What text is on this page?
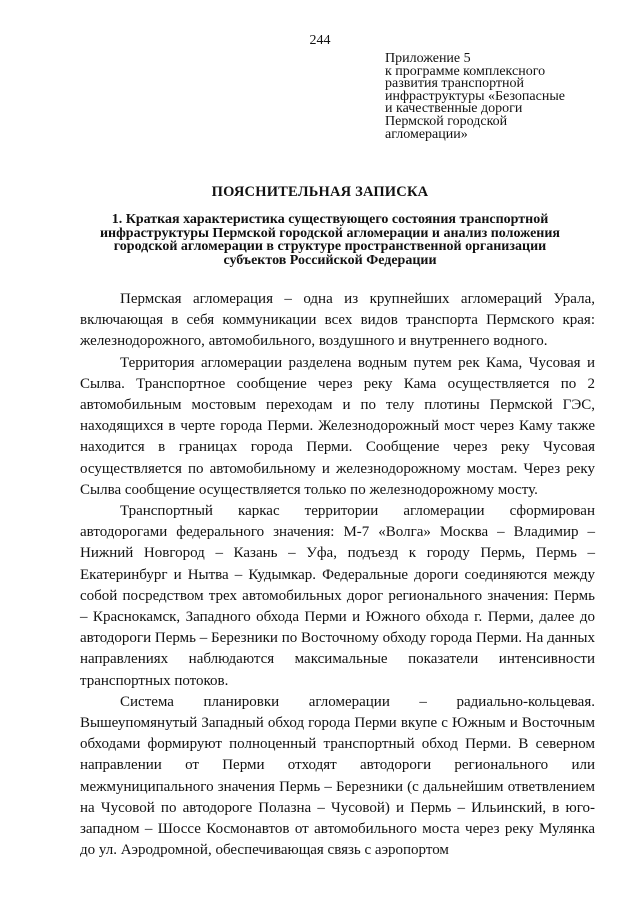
244
Приложение 5
к программе комплексного
развития транспортной
инфраструктуры «Безопасные
и качественные дороги
Пермской городской
агломерации»
ПОЯСНИТЕЛЬНАЯ ЗАПИСКА
1. Краткая характеристика существующего состояния транспортной
инфраструктуры Пермской городской агломерации и анализ положения
городской агломерации в структуре пространственной организации
субъектов Российской Федерации

Пермская агломерация – одна из крупнейших агломераций Урала, включающая в себя коммуникации всех видов транспорта Пермского края: железнодорожного, автомобильного, воздушного и внутреннего водного.

Территория агломерации разделена водным путем рек Кама, Чусовая и Сылва. Транспортное сообщение через реку Кама осуществляется по 2 автомобильным мостовым переходам и по телу плотины Пермской ГЭС, находящихся в черте города Перми. Железнодорожный мост через Каму также находится в границах города Перми. Сообщение через реку Чусовая осуществляется по автомобильному и железнодорожному мостам. Через реку Сылва сообщение осуществляется только по железнодорожному мосту.

Транспортный каркас территории агломерации сформирован автодорогами федерального значения: М-7 «Волга» Москва – Владимир – Нижний Новгород – Казань – Уфа, подъезд к городу Пермь, Пермь – Екатеринбург и Нытва – Кудымкар. Федеральные дороги соединяются между собой посредством трех автомобильных дорог регионального значения: Пермь – Краснокамск, Западного обхода Перми и Южного обхода г. Перми, далее до автодороги Пермь – Березники по Восточному обходу города Перми. На данных направлениях наблюдаются максимальные показатели интенсивности транспортных потоков.

Система планировки агломерации – радиально-кольцевая. Вышеупомянутый Западный обход города Перми вкупе с Южным и Восточным обходами формируют полноценный транспортный обход Перми. В северном направлении от Перми отходят автодороги регионального или межмуниципального значения Пермь – Березники (с дальнейшим ответвлением на Чусовой по автодороге Полазна – Чусовой) и Пермь – Ильинский, в юго-западном – Шоссе Космонавтов от автомобильного моста через реку Мулянка до ул. Аэродромной, обеспечивающая связь с аэропортом
